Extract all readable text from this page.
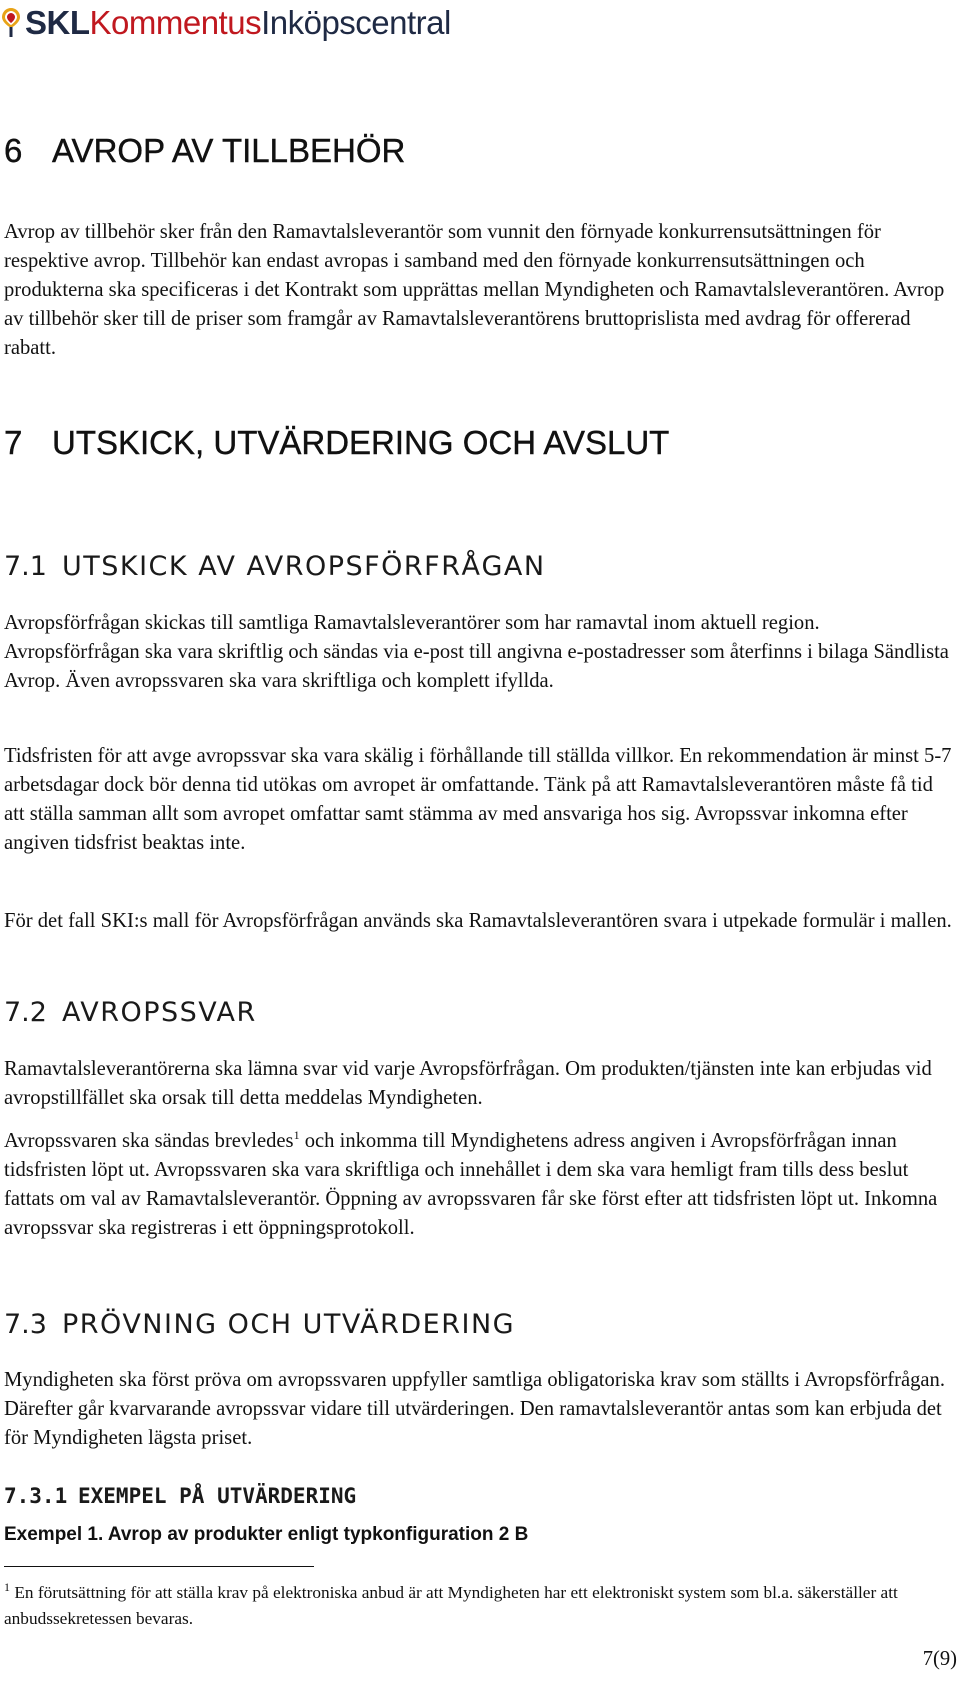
SKL Kommentus Inköpscentral
6 AVROP AV TILLBEHÖR

Avrop av tillbehör sker från den Ramavtalsleverantör som vunnit den förnyade konkurrensutsättningen för respektive avrop. Tillbehör kan endast avropas i samband med den förnyade konkurrensutsättningen och produkterna ska specificeras i det Kontrakt som upprättas mellan Myndigheten och Ramavtalsleverantören. Avrop av tillbehör sker till de priser som framgår av Ramavtalsleverantörens bruttoprislista med avdrag för offererad rabatt.

7 UTSKICK, UTVÄRDERING OCH AVSLUT
7.1 UTSKICK AV AVROPSFÖRFRÅGAN

Avropsförfrågan skickas till samtliga Ramavtalsleverantörer som har ramavtal inom aktuell region. Avropsförfrågan ska vara skriftlig och sändas via e-post till angivna e-postadresser som återfinns i bilaga Sändlista Avrop. Även avropssvaren ska vara skriftliga och komplett ifyllda.

Tidsfristen för att avge avropssvar ska vara skälig i förhållande till ställda villkor. En rekommendation är minst 5-7 arbetsdagar dock bör denna tid utökas om avropet är omfattande. Tänk på att Ramavtalsleverantören måste få tid att ställa samman allt som avropet omfattar samt stämma av med ansvariga hos sig. Avropssvar inkomna efter angiven tidsfrist beaktas inte.

För det fall SKI:s mall för Avropsförfrågan används ska Ramavtalsleverantören svara i utpekade formulär i mallen.

7.2 AVROPSSVAR

Ramavtalsleverantörerna ska lämna svar vid varje Avropsförfrågan. Om produkten/tjänsten inte kan erbjudas vid avropstillfället ska orsak till detta meddelas Myndigheten.

Avropssvaren ska sändas brevledes$^1$ och inkomma till Myndighetens adress angiven i Avropsförfrågan innan tidsfristen löpt ut. Avropssvaren ska vara skriftliga och innehållet i dem ska vara hemligt fram tills dess beslut fattats om val av Ramavtalsleverantör. Öppning av avropssvaren får ske först efter att tidsfristen löpt ut. Inkomna avropssvar ska registreras i ett öppningsprotokoll.

7.3 PRÖVNING OCH UTVÄRDERING

Myndigheten ska först pröva om avropssvaren uppfyller samtliga obligatoriska krav som ställts i Avropsförfrågan. Därefter går kvarvarande avropssvar vidare till utvärderingen. Den ramavtalsleverantör antas som kan erbjuda det för Myndigheten lägsta priset.

7.3.1 EXEMPEL PÅ UTVÄRDERING

Exempel 1. Avrop av produkter enligt typkonfiguration 2 B

$^1$ En förutsättning för att ställa krav på elektroniska anbud är att Myndigheten har ett elektroniskt system som bl.a. säkerställer att anbudssekretessen bevaras.

7(9)
